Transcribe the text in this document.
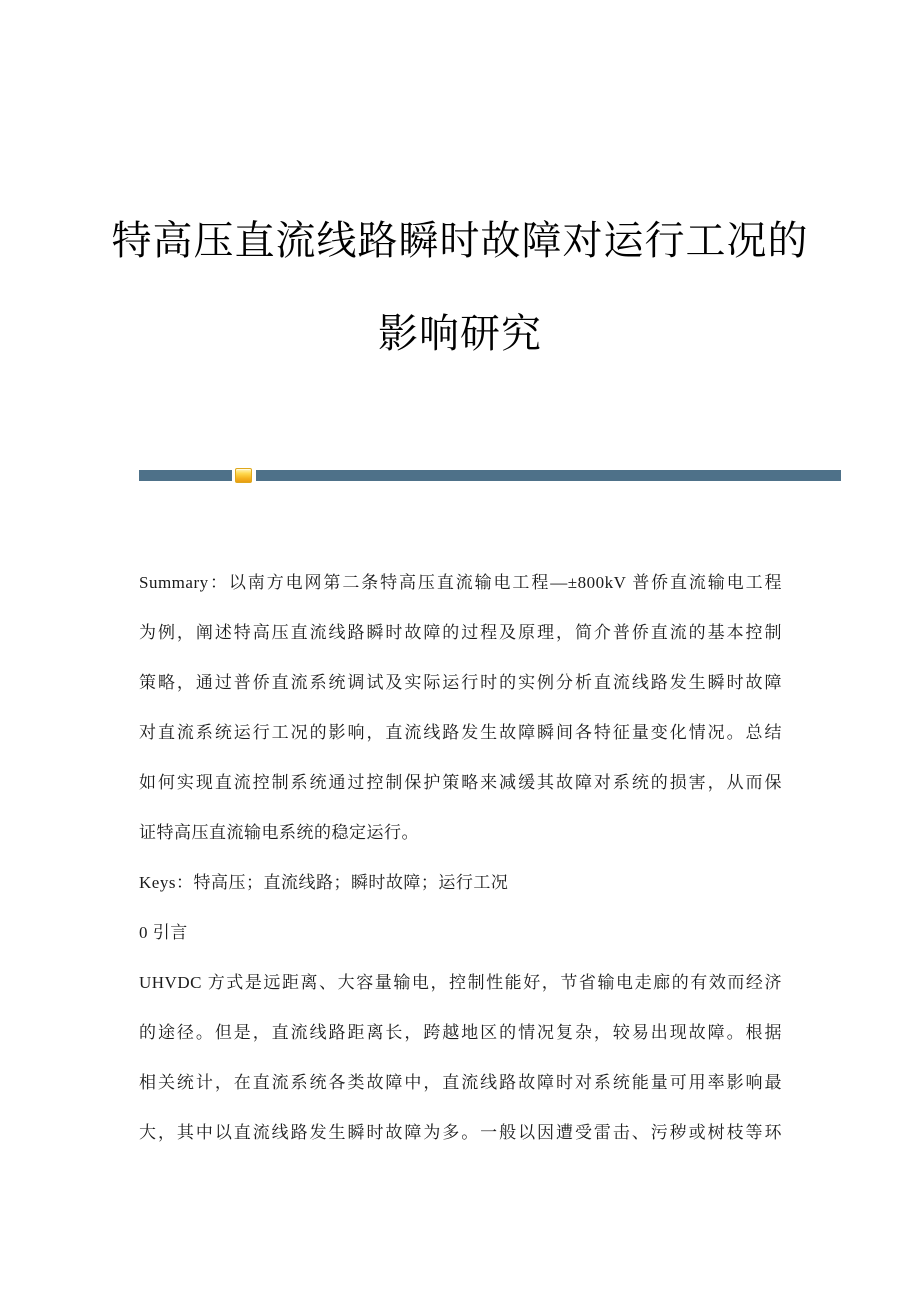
特高压直流线路瞬时故障对运行工况的
影响研究

Summary：以南方电网第二条特高压直流输电工程—±800kV 普侨直流输电工程

为例，阐述特高压直流线路瞬时故障的过程及原理，简介普侨直流的基本控制

策略，通过普侨直流系统调试及实际运行时的实例分析直流线路发生瞬时故障

对直流系统运行工况的影响，直流线路发生故障瞬间各特征量变化情况。总结

如何实现直流控制系统通过控制保护策略来减缓其故障对系统的损害，从而保

证特高压直流输电系统的稳定运行。

Keys：特高压；直流线路；瞬时故障；运行工况

0 引言

UHVDC 方式是远距离、大容量输电，控制性能好，节省输电走廊的有效而经济

的途径。但是，直流线路距离长，跨越地区的情况复杂，较易出现故障。根据

相关统计，在直流系统各类故障中，直流线路故障时对系统能量可用率影响最

大，其中以直流线路发生瞬时故障为多。一般以因遭受雷击、污秽或树枝等环
